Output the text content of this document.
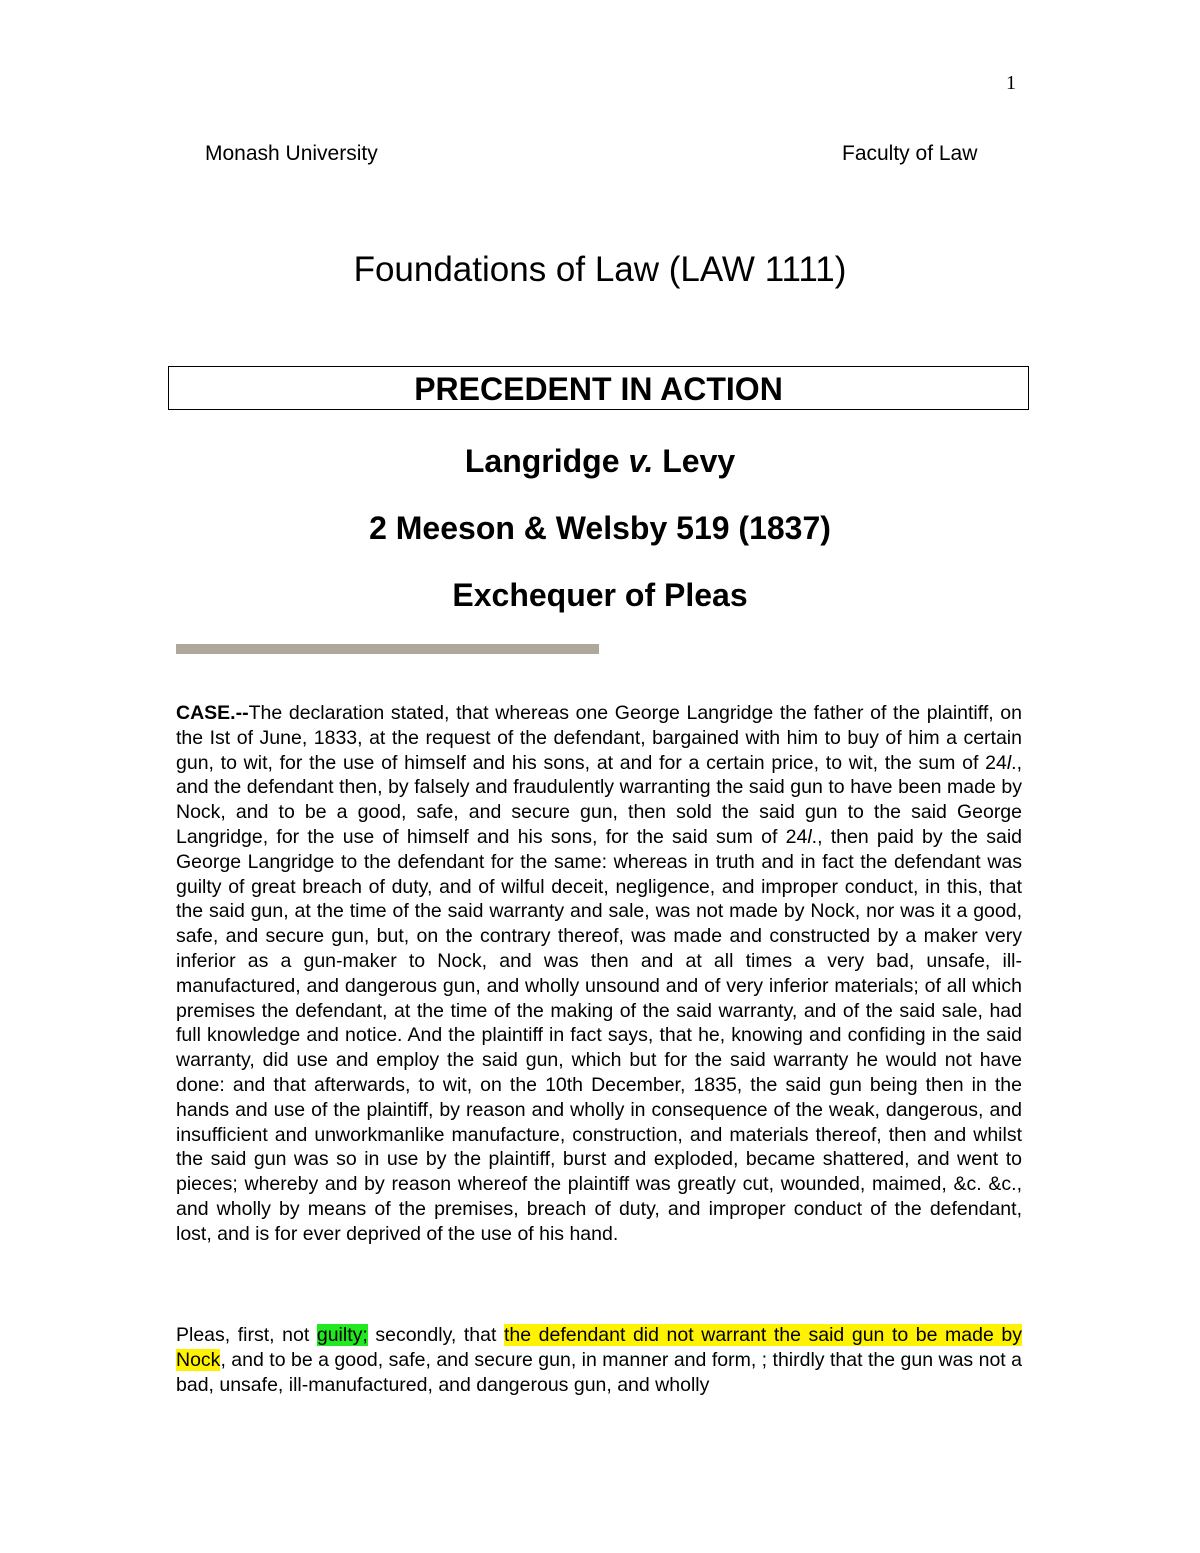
1
Monash University	Faculty of Law
Foundations of Law (LAW 1111)
PRECEDENT IN ACTION
Langridge v. Levy
2 Meeson & Welsby 519 (1837)
Exchequer of Pleas
CASE.--The declaration stated, that whereas one George Langridge the father of the plaintiff, on the Ist of June, 1833, at the request of the defendant, bargained with him to buy of him a certain gun, to wit, for the use of himself and his sons, at and for a certain price, to wit, the sum of 24l., and the defendant then, by falsely and fraudulently warranting the said gun to have been made by Nock, and to be a good, safe, and secure gun, then sold the said gun to the said George Langridge, for the use of himself and his sons, for the said sum of 24l., then paid by the said George Langridge to the defendant for the same: whereas in truth and in fact the defendant was guilty of great breach of duty, and of wilful deceit, negligence, and improper conduct, in this, that the said gun, at the time of the said warranty and sale, was not made by Nock, nor was it a good, safe, and secure gun, but, on the contrary thereof, was made and constructed by a maker very inferior as a gun-maker to Nock, and was then and at all times a very bad, unsafe, ill-manufactured, and dangerous gun, and wholly unsound and of very inferior materials; of all which premises the defendant, at the time of the making of the said warranty, and of the said sale, had full knowledge and notice. And the plaintiff in fact says, that he, knowing and confiding in the said warranty, did use and employ the said gun, which but for the said warranty he would not have done: and that afterwards, to wit, on the 10th December, 1835, the said gun being then in the hands and use of the plaintiff, by reason and wholly in consequence of the weak, dangerous, and insufficient and unworkmanlike manufacture, construction, and materials thereof, then and whilst the said gun was so in use by the plaintiff, burst and exploded, became shattered, and went to pieces; whereby and by reason whereof the plaintiff was greatly cut, wounded, maimed, &c. &c., and wholly by means of the premises, breach of duty, and improper conduct of the defendant, lost, and is for ever deprived of the use of his hand.
Pleas, first, not guilty; secondly, that the defendant did not warrant the said gun to be made by Nock, and to be a good, safe, and secure gun, in manner and form, ; thirdly that the gun was not a bad, unsafe, ill-manufactured, and dangerous gun, and wholly
